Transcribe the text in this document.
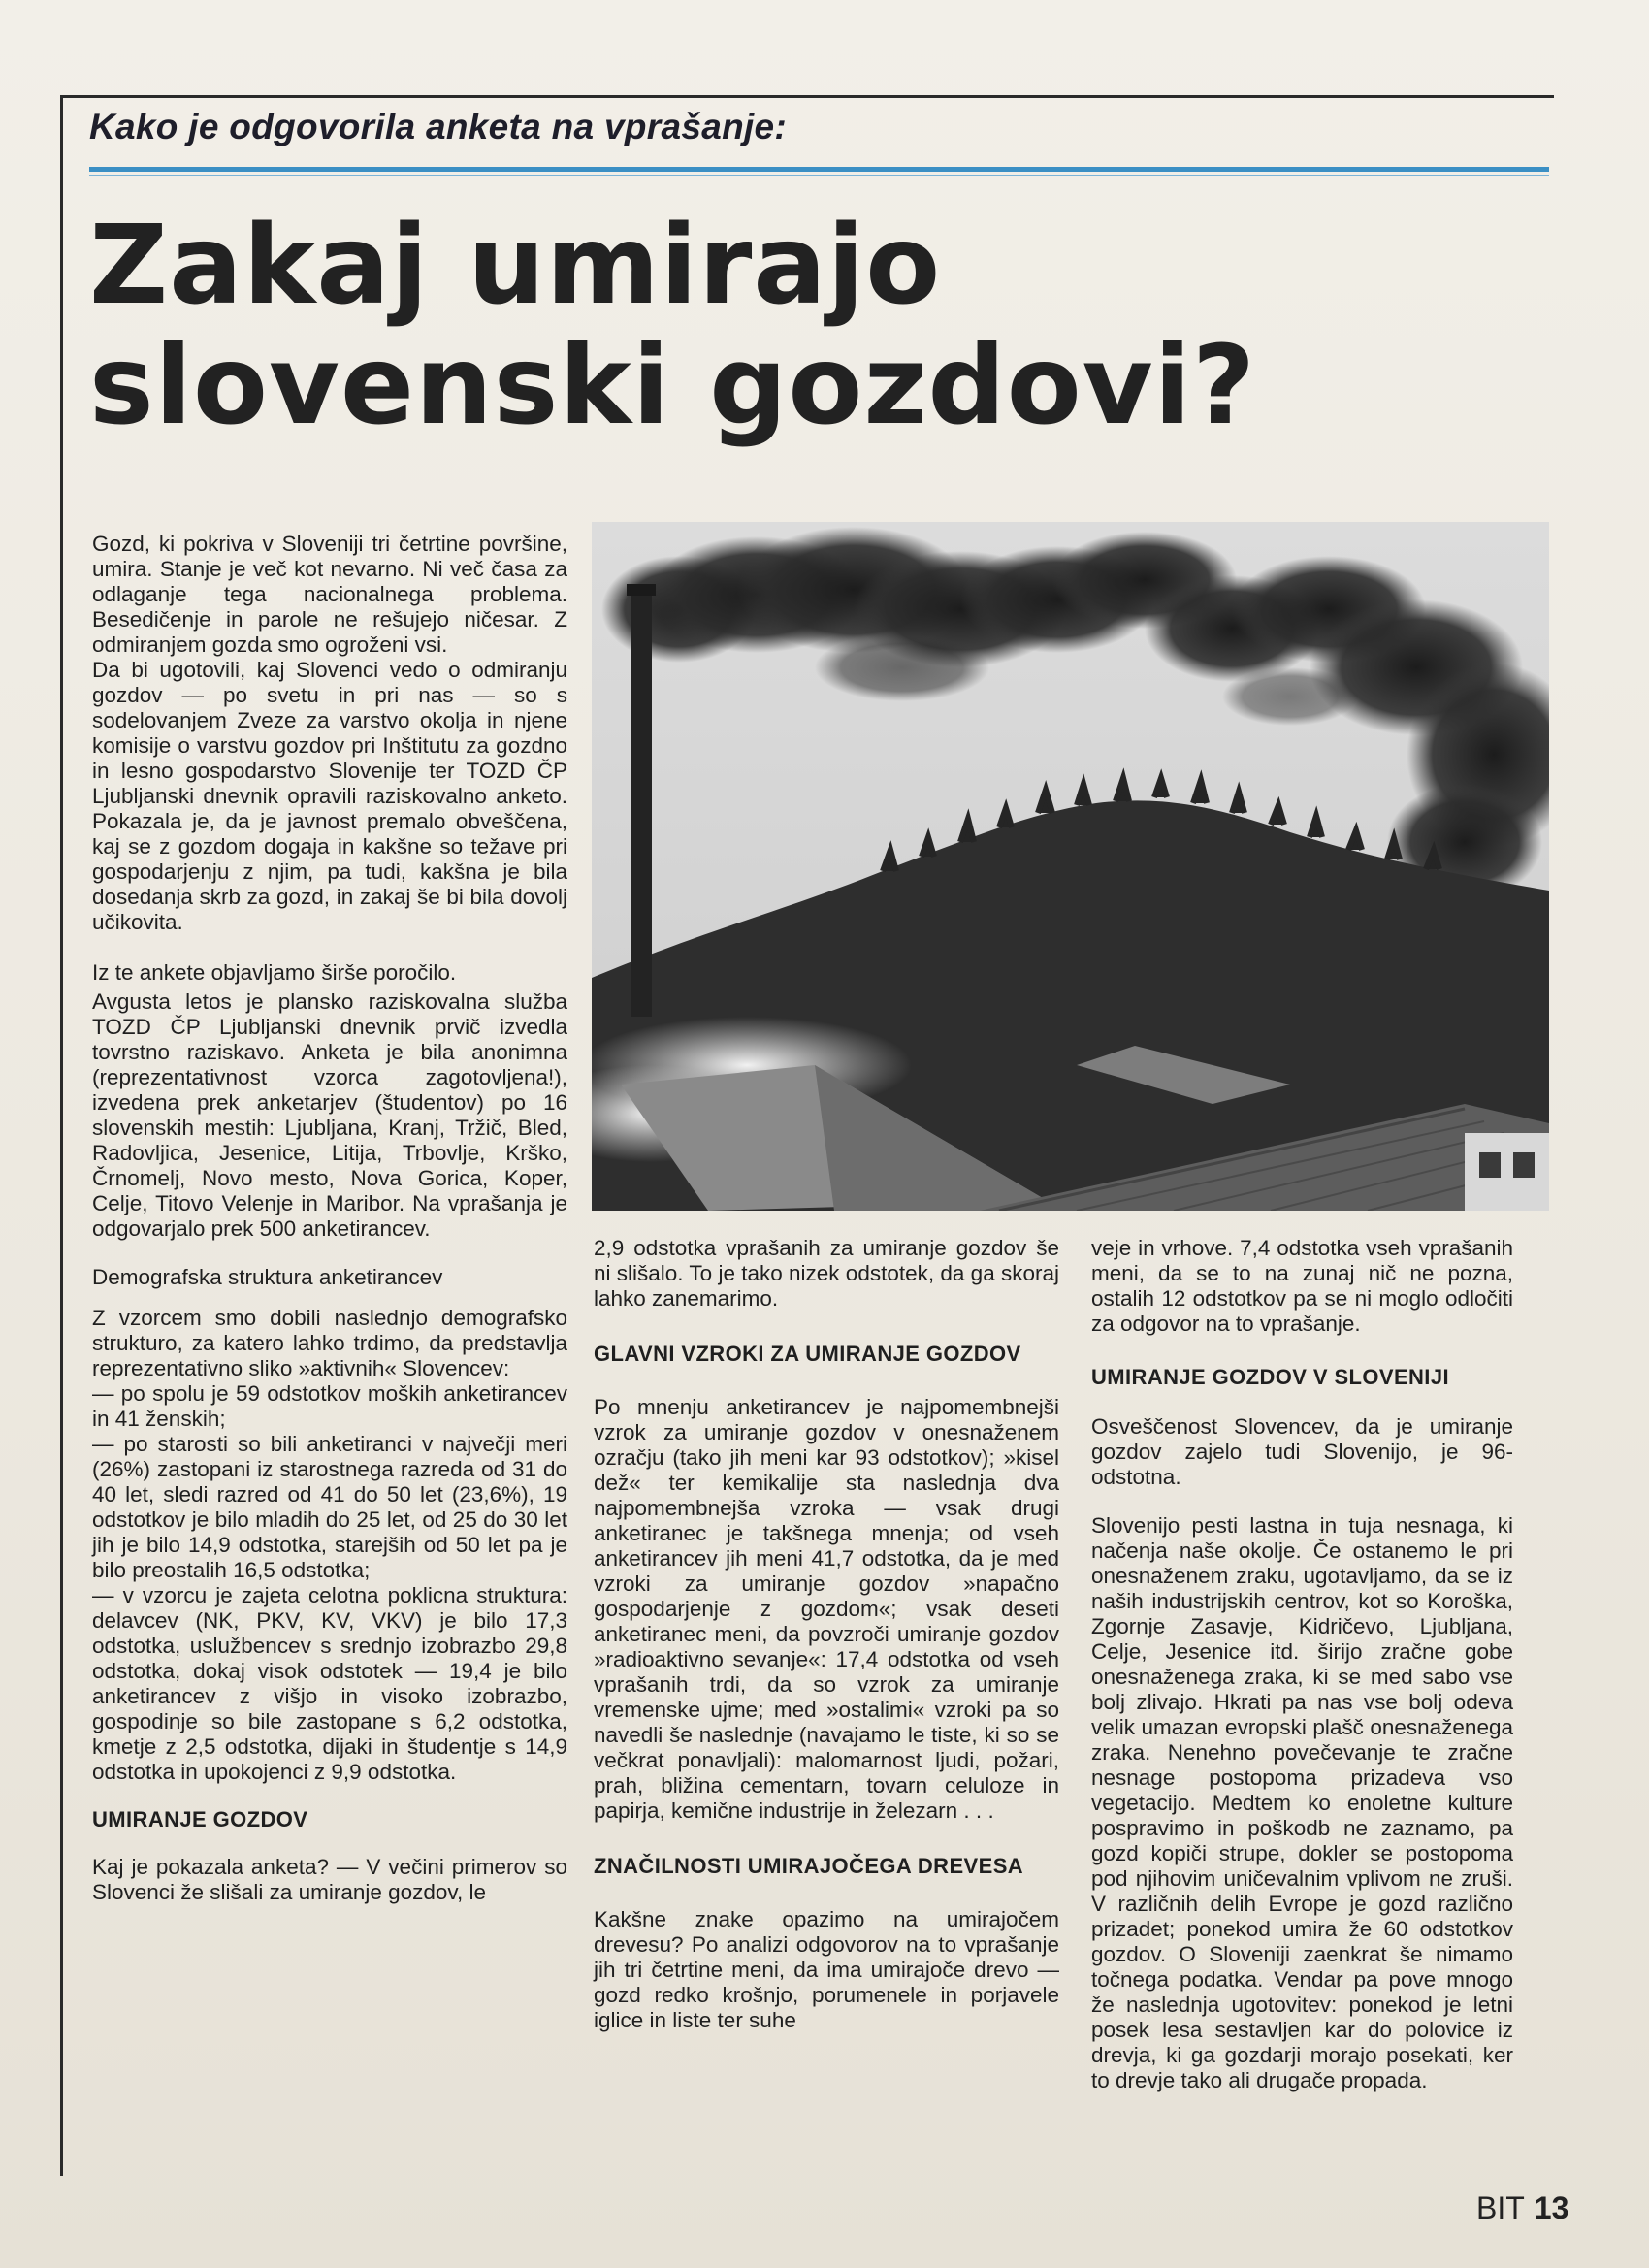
Kako je odgovorila anketa na vprašanje:
Zakaj umirajo
slovenski gozdovi?

Gozd, ki pokriva v Sloveniji tri četrtine površine, umira. Stanje je več kot nevarno. Ni več časa za odlaganje tega nacionalnega problema. Besedičenje in parole ne rešujejo ničesar. Z odmiranjem gozda smo ogroženi vsi.

Da bi ugotovili, kaj Slovenci vedo o odmiranju gozdov — po svetu in pri nas — so s sodelovanjem Zveze za varstvo okolja in njene komisije o varstvu gozdov pri Inštitutu za gozdno in lesno gospodarstvo Slovenije ter TOZD ČP Ljubljanski dnevnik opravili raziskovalno anketo. Pokazala je, da je javnost premalo obveščena, kaj se z gozdom dogaja in kakšne so težave pri gospodarjenju z njim, pa tudi, kakšna je bila dosedanja skrb za gozd, in zakaj še bi bila dovolj učikovita.

Iz te ankete objavljamo širše poročilo.

Avgusta letos je plansko raziskovalna služba TOZD ČP Ljubljanski dnevnik prvič izvedla tovrstno raziskavo. Anketa je bila anonimna (reprezentativnost vzorca zagotovljena!), izvedena prek anketarjev (študentov) po 16 slovenskih mestih: Ljubljana, Kranj, Tržič, Bled, Radovljica, Jesenice, Litija, Trbovlje, Krško, Črnomelj, Novo mesto, Nova Gorica, Koper, Celje, Titovo Velenje in Maribor. Na vprašanja je odgovarjalo prek 500 anketirancev.

Demografska struktura anketirancev

Z vzorcem smo dobili naslednjo demografsko strukturo, za katero lahko trdimo, da predstavlja reprezentativno sliko »aktivnih« Slovencev:

— po spolu je 59 odstotkov moških anketirancev in 41 ženskih;

— po starosti so bili anketiranci v največji meri (26%) zastopani iz starostnega razreda od 31 do 40 let, sledi razred od 41 do 50 let (23,6%), 19 odstotkov je bilo mladih do 25 let, od 25 do 30 let jih je bilo 14,9 odstotka, starejših od 50 let pa je bilo preostalih 16,5 odstotka;

— v vzorcu je zajeta celotna poklicna struktura: delavcev (NK, PKV, KV, VKV) je bilo 17,3 odstotka, uslužbencev s srednjo izobrazbo 29,8 odstotka, dokaj visok odstotek — 19,4 je bilo anketirancev z višjo in visoko izobrazbo, gospodinje so bile zastopane s 6,2 odstotka, kmetje z 2,5 odstotka, dijaki in študentje s 14,9 odstotka in upokojenci z 9,9 odstotka.

UMIRANJE GOZDOV

Kaj je pokazala anketa? — V večini primerov so Slovenci že slišali za umiranje gozdov, le

2,9 odstotka vprašanih za umiranje gozdov še ni slišalo. To je tako nizek odstotek, da ga skoraj lahko zanemarimo.

GLAVNI VZROKI ZA UMIRANJE GOZDOV

Po mnenju anketirancev je najpomembnejši vzrok za umiranje gozdov v onesnaženem ozračju (tako jih meni kar 93 odstotkov); »kisel dež« ter kemikalije sta naslednja dva najpomembnejša vzroka — vsak drugi anketiranec je takšnega mnenja; od vseh anketirancev jih meni 41,7 odstotka, da je med vzroki za umiranje gozdov »napačno gospodarjenje z gozdom«; vsak deseti anketiranec meni, da povzroči umiranje gozdov »radioaktivno sevanje«: 17,4 odstotka od vseh vprašanih trdi, da so vzrok za umiranje vremenske ujme; med »ostalimi« vzroki pa so navedli še naslednje (navajamo le tiste, ki so se večkrat ponavljali): malomarnost ljudi, požari, prah, bližina cementarn, tovarn celuloze in papirja, kemične industrije in železarn . . .

ZNAČILNOSTI UMIRAJOČEGA DREVESA

Kakšne znake opazimo na umirajočem drevesu? Po analizi odgovorov na to vprašanje jih tri četrtine meni, da ima umirajoče drevo — gozd redko krošnjo, porumenele in porjavele iglice in liste ter suhe

veje in vrhove. 7,4 odstotka vseh vprašanih meni, da se to na zunaj nič ne pozna, ostalih 12 odstotkov pa se ni moglo odločiti za odgovor na to vprašanje.

UMIRANJE GOZDOV V SLOVENIJI

Osveščenost Slovencev, da je umiranje gozdov zajelo tudi Slovenijo, je 96-odstotna.

Slovenijo pesti lastna in tuja nesnaga, ki načenja naše okolje. Če ostanemo le pri onesnaženem zraku, ugotavljamo, da se iz naših industrijskih centrov, kot so Koroška, Zgornje Zasavje, Kidričevo, Ljubljana, Celje, Jesenice itd. širijo zračne gobe onesnaženega zraka, ki se med sabo vse bolj zlivajo. Hkrati pa nas vse bolj odeva velik umazan evropski plašč onesnaženega zraka. Nenehno povečevanje te zračne nesnage postopoma prizadeva vso vegetacijo. Medtem ko enoletne kulture pospravimo in poškodb ne zaznamo, pa gozd kopiči strupe, dokler se postopoma pod njihovim uničevalnim vplivom ne zruši. V različnih delih Evrope je gozd različno prizadet; ponekod umira že 60 odstotkov gozdov. O Sloveniji zaenkrat še nimamo točnega podatka. Vendar pa pove mnogo že naslednja ugotovitev: ponekod je letni posek lesa sestavljen kar do polovice iz drevja, ki ga gozdarji morajo posekati, ker to drevje tako ali drugače propada.

BIT 13
